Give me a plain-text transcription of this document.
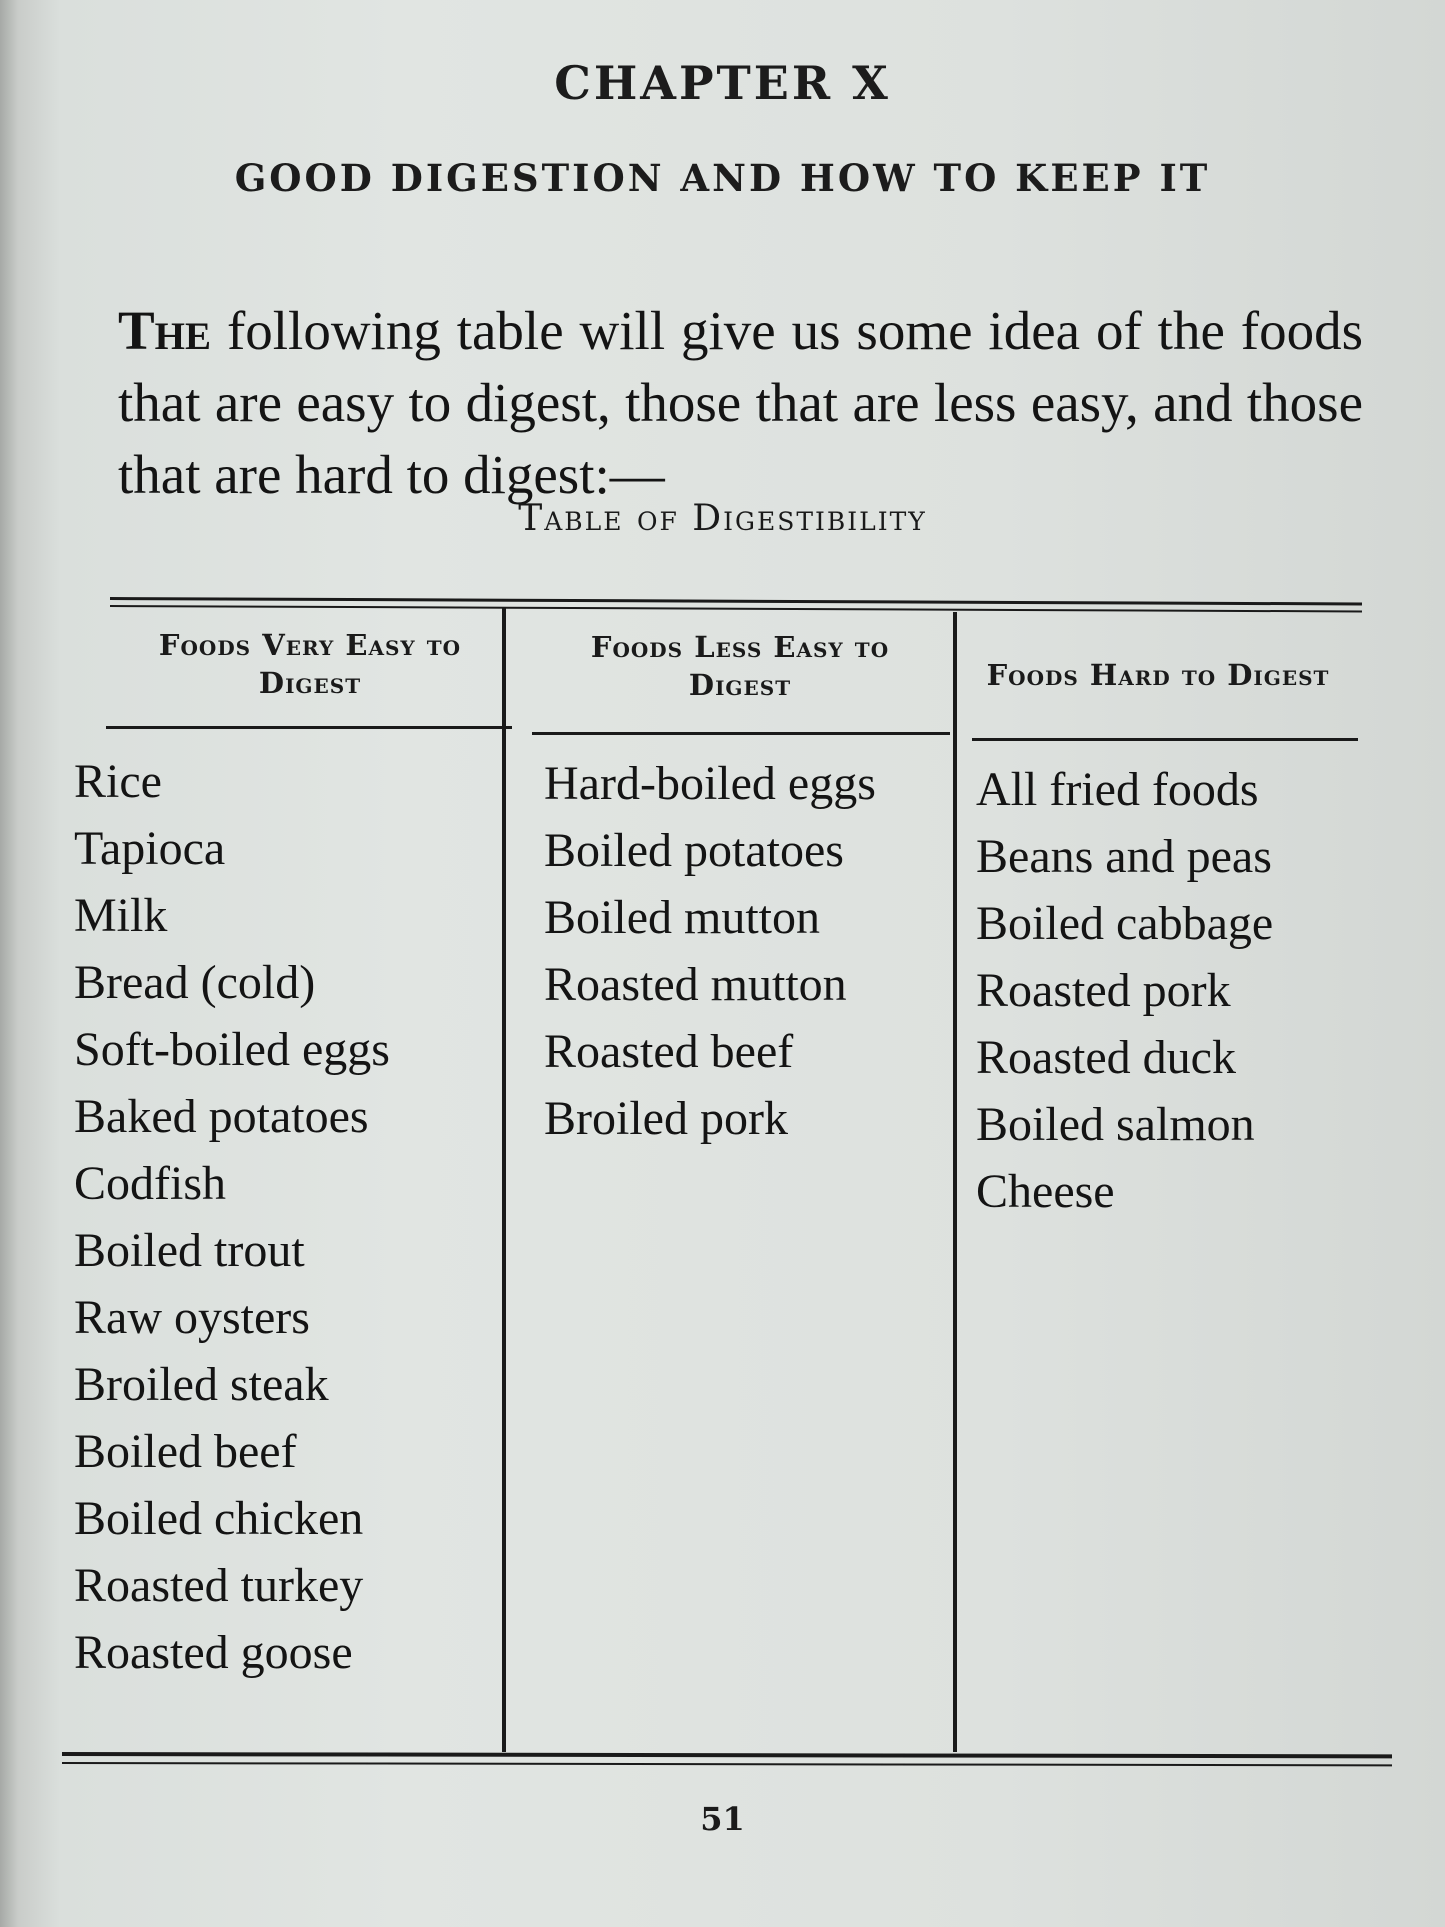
CHAPTER X
GOOD DIGESTION AND HOW TO KEEP IT

The following table will give us some idea of the foods that are easy to digest, those that are less easy, and those that are hard to digest:—

Table of Digestibility
Foods Very Easy to Digest
Foods Less Easy to Digest	Foods Hard to Digest
Rice
Tapioca
Milk
Bread (cold)
Soft-boiled eggs
Baked potatoes
Codfish
Boiled trout
Raw oysters
Broiled steak
Boiled beef
Boiled chicken
Roasted turkey
Roasted goose
Hard-boiled eggs
Boiled potatoes
Boiled mutton
Roasted mutton
Roasted beef
Broiled pork
All fried foods
Beans and peas
Boiled cabbage
Roasted pork
Roasted duck
Boiled salmon
Cheese
51
